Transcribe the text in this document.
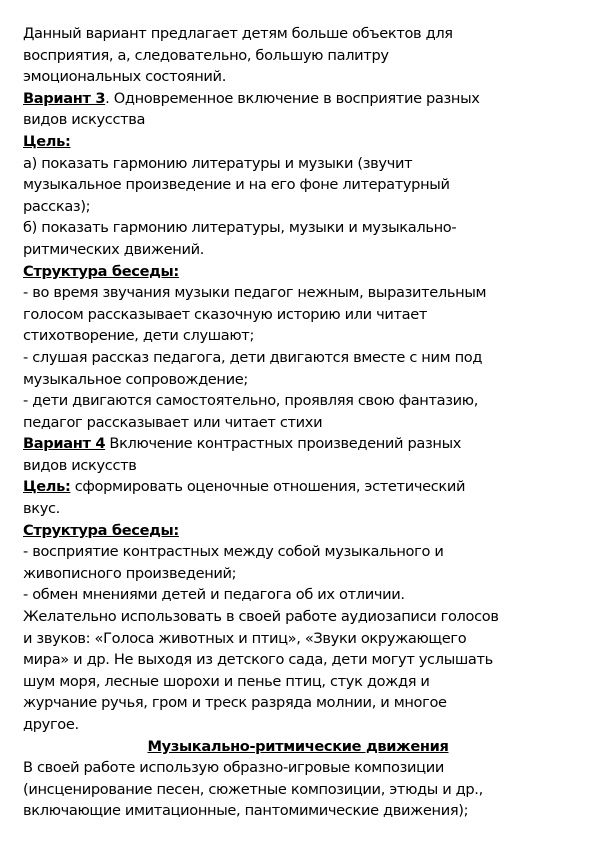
Данный вариант предлагает детям больше объектов для
восприятия, а, следовательно, большую палитру
эмоциональных состояний.
Вариант 3. Одновременное включение в восприятие разных
видов искусства
Цель:
а) показать гармонию литературы и музыки (звучит
музыкальное произведение и на его фоне литературный
рассказ);
б) показать гармонию литературы, музыки и музыкально-
ритмических движений.
Структура беседы:
- во время звучания музыки педагог нежным, выразительным
голосом рассказывает сказочную историю или читает
стихотворение, дети слушают;
- слушая рассказ педагога, дети двигаются вместе с ним под
музыкальное сопровождение;
- дети двигаются самостоятельно, проявляя свою фантазию,
педагог рассказывает или читает стихи
Вариант 4 Включение контрастных произведений разных
видов искусств
Цель: сформировать оценочные отношения, эстетический
вкус.
Структура беседы:
- восприятие контрастных между собой музыкального и
живописного произведений;
- обмен мнениями детей и педагога об их отличии.
Желательно использовать в своей работе аудиозаписи голосов
и звуков: «Голоса животных и птиц», «Звуки окружающего
мира» и др. Не выходя из детского сада, дети могут услышать
шум моря, лесные шорохи и пенье птиц, стук дождя и
журчание ручья, гром и треск разряда молнии, и многое
другое.
Музыкально-ритмические движения
В своей работе использую образно-игровые композиции
(инсценирование песен, сюжетные композиции, этюды и др.,
включающие имитационные, пантомимические движения);
